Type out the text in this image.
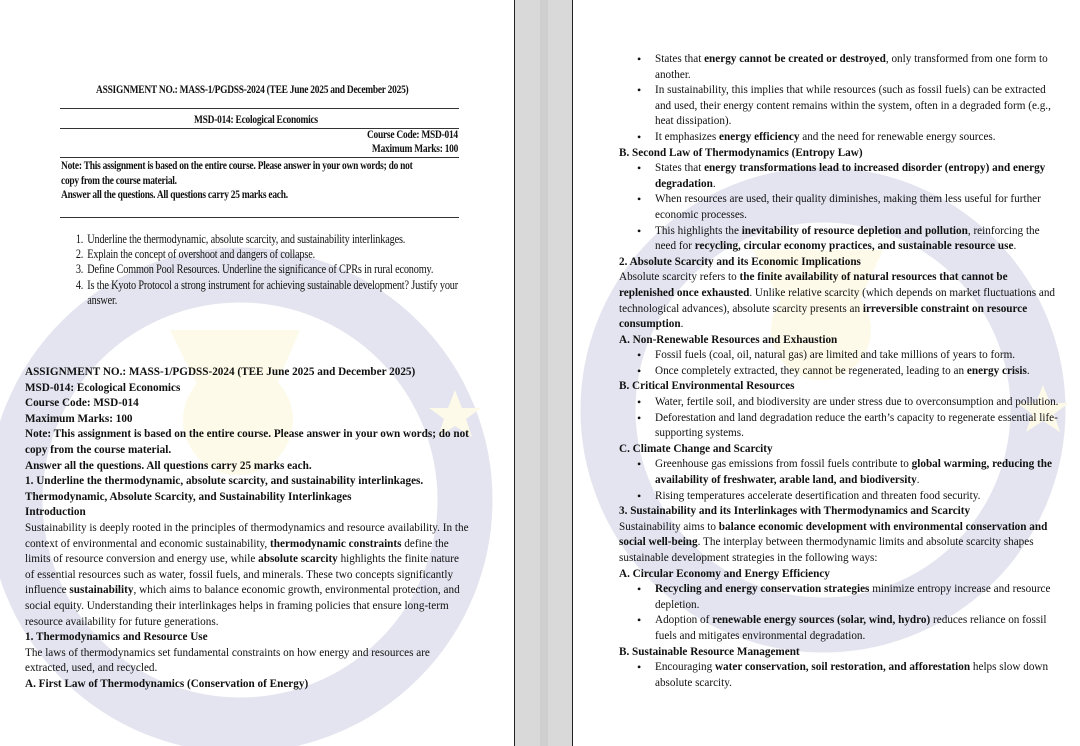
ASSIGNMENT NO.: MASS-1/PGDSS-2024 (TEE June 2025 and December 2025)
MSD-014: Ecological Economics
Course Code: MSD-014
Maximum Marks: 100
Note: This assignment is based on the entire course. Please answer in your own words; do not
copy from the course material.
Answer all the questions. All questions carry 25 marks each.
1. Underline the thermodynamic, absolute scarcity, and sustainability interlinkages.
2. Explain the concept of overshoot and dangers of collapse.
3. Define Common Pool Resources. Underline the significance of CPRs in rural economy.
4. Is the Kyoto Protocol a strong instrument for achieving sustainable development? Justify your answer.

ASSIGNMENT NO.: MASS-1/PGDSS-2024 (TEE June 2025 and December 2025)

MSD-014: Ecological Economics

Course Code: MSD-014

Maximum Marks: 100

Note: This assignment is based on the entire course. Please answer in your own words; do not copy from the course material.

Answer all the questions. All questions carry 25 marks each.

1. Underline the thermodynamic, absolute scarcity, and sustainability interlinkages.

Thermodynamic, Absolute Scarcity, and Sustainability Interlinkages

Introduction

Sustainability is deeply rooted in the principles of thermodynamics and resource availability. In the context of environmental and economic sustainability, thermodynamic constraints define the limits of resource conversion and energy use, while absolute scarcity highlights the finite nature of essential resources such as water, fossil fuels, and minerals. These two concepts significantly influence sustainability, which aims to balance economic growth, environmental protection, and social equity. Understanding their interlinkages helps in framing policies that ensure long-term resource availability for future generations.

1. Thermodynamics and Resource Use

The laws of thermodynamics set fundamental constraints on how energy and resources are extracted, used, and recycled.

A. First Law of Thermodynamics (Conservation of Energy)

• States that energy cannot be created or destroyed, only transformed from one form to another.
• In sustainability, this implies that while resources (such as fossil fuels) can be extracted and used, their energy content remains within the system, often in a degraded form (e.g., heat dissipation).
• It emphasizes energy efficiency and the need for renewable energy sources.

B. Second Law of Thermodynamics (Entropy Law)

• States that energy transformations lead to increased disorder (entropy) and energy degradation.
• When resources are used, their quality diminishes, making them less useful for further economic processes.
• This highlights the inevitability of resource depletion and pollution, reinforcing the need for recycling, circular economy practices, and sustainable resource use.

2. Absolute Scarcity and its Economic Implications

Absolute scarcity refers to the finite availability of natural resources that cannot be replenished once exhausted. Unlike relative scarcity (which depends on market fluctuations and technological advances), absolute scarcity presents an irreversible constraint on resource consumption.

A. Non-Renewable Resources and Exhaustion

• Fossil fuels (coal, oil, natural gas) are limited and take millions of years to form.
• Once completely extracted, they cannot be regenerated, leading to an energy crisis.

B. Critical Environmental Resources

• Water, fertile soil, and biodiversity are under stress due to overconsumption and pollution.
• Deforestation and land degradation reduce the earth’s capacity to regenerate essential life-supporting systems.

C. Climate Change and Scarcity

• Greenhouse gas emissions from fossil fuels contribute to global warming, reducing the availability of freshwater, arable land, and biodiversity.
• Rising temperatures accelerate desertification and threaten food security.

3. Sustainability and its Interlinkages with Thermodynamics and Scarcity

Sustainability aims to balance economic development with environmental conservation and social well-being. The interplay between thermodynamic limits and absolute scarcity shapes sustainable development strategies in the following ways:

A. Circular Economy and Energy Efficiency

• Recycling and energy conservation strategies minimize entropy increase and resource depletion.
• Adoption of renewable energy sources (solar, wind, hydro) reduces reliance on fossil fuels and mitigates environmental degradation.

B. Sustainable Resource Management

• Encouraging water conservation, soil restoration, and afforestation helps slow down absolute scarcity.
